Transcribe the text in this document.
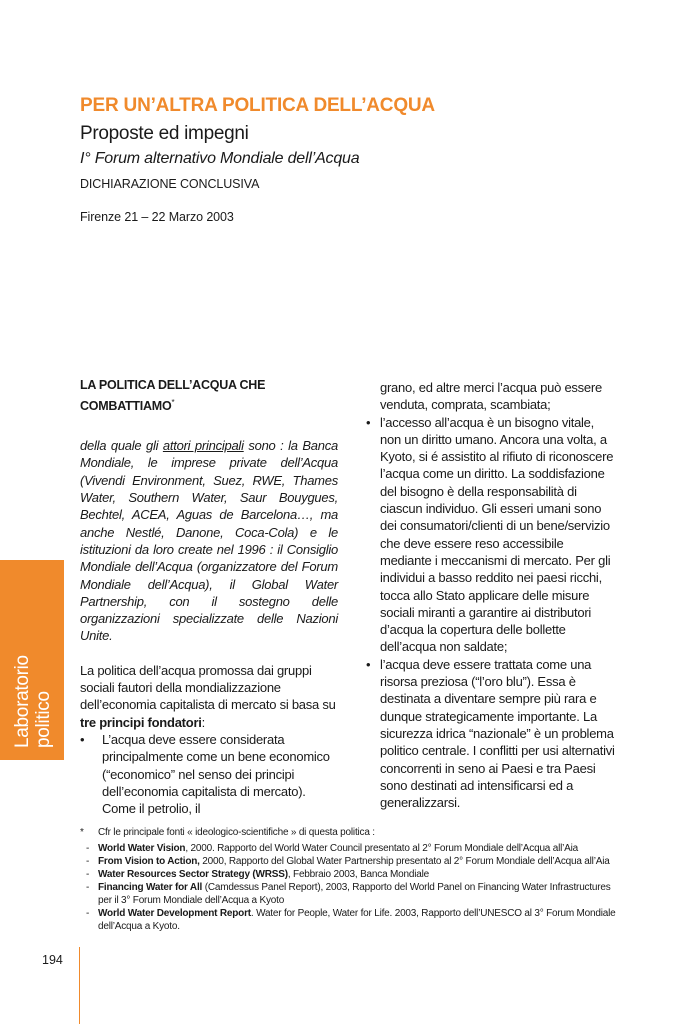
PER UN’ALTRA POLITICA DELL’ACQUA
Proposte ed impegni
I° Forum alternativo Mondiale dell’Acqua
DICHIARAZIONE CONCLUSIVA
Firenze 21 – 22 Marzo 2003
LA POLITICA DELL’ACQUA CHE COMBATTIAMO*

della quale gli attori principali sono : la Banca Mondiale, le imprese private dell’Acqua (Vivendi Environment, Suez, RWE, Thames Water, Southern Water, Saur Bouygues, Bechtel, ACEA, Aguas de Barcelona…, ma anche Nestlé, Danone, Coca-Cola) e le istituzioni da loro create nel 1996 : il Consiglio Mondiale dell’Acqua (organizzatore del Forum Mondiale dell’Acqua), il Global Water Partnership, con il sostegno delle organizzazioni specializzate delle Nazioni Unite.

La politica dell’acqua promossa dai gruppi sociali fautori della mondializzazione dell’economia capitalista di mercato si basa su tre principi fondatori:

•	L’acqua deve essere considerata principalmente come un bene economico (“economico” nel senso dei principi dell’economia capitalista di mercato). Come il petrolio, il

grano, ed altre merci l’acqua può essere venduta, comprata, scambiata;

• l’accesso all’acqua è un bisogno vitale, non un diritto umano. Ancora una volta, a Kyoto, si é assistito al rifiuto di riconoscere l’acqua come un diritto. La soddisfazione del bisogno è della responsabilità di ciascun individuo. Gli esseri umani sono dei consumatori/clienti di un bene/servizio che deve essere reso accessibile mediante i meccanismi di mercato. Per gli individui a basso reddito nei paesi ricchi, tocca allo Stato applicare delle misure sociali miranti a garantire ai distributori d’acqua la copertura delle bollette dell’acqua non saldate;
• l’acqua deve essere trattata come una risorsa preziosa (“l’oro blu”). Essa è destinata a diventare sempre più rara e dunque strategicamente importante. La sicurezza idrica “nazionale” è un problema politico centrale. I conflitti per usi alternativi concorrenti in seno ai Paesi e tra Paesi sono destinati ad intensificarsi ed a generalizzarsi.
Laboratorio politico
*	Cfr le principale fonti « ideologico-scientifiche » di questa politica :
- World Water Vision, 2000. Rapporto del World Water Council presentato al 2° Forum Mondiale dell’Acqua all’Aia
- From Vision to Action, 2000, Rapporto del Global Water Partnership presentato al 2° Forum Mondiale dell’Acqua all’Aia
- Water Resources Sector Strategy (WRSS), Febbraio 2003, Banca Mondiale
- Financing Water for All (Camdessus Panel Report), 2003, Rapporto del World Panel on Financing Water Infrastructures per il 3° Forum Mondiale dell’Acqua a Kyoto
- World Water Development Report. Water for People, Water for Life. 2003, Rapporto dell’UNESCO al 3° Forum Mondiale dell’Acqua a Kyoto.
194
